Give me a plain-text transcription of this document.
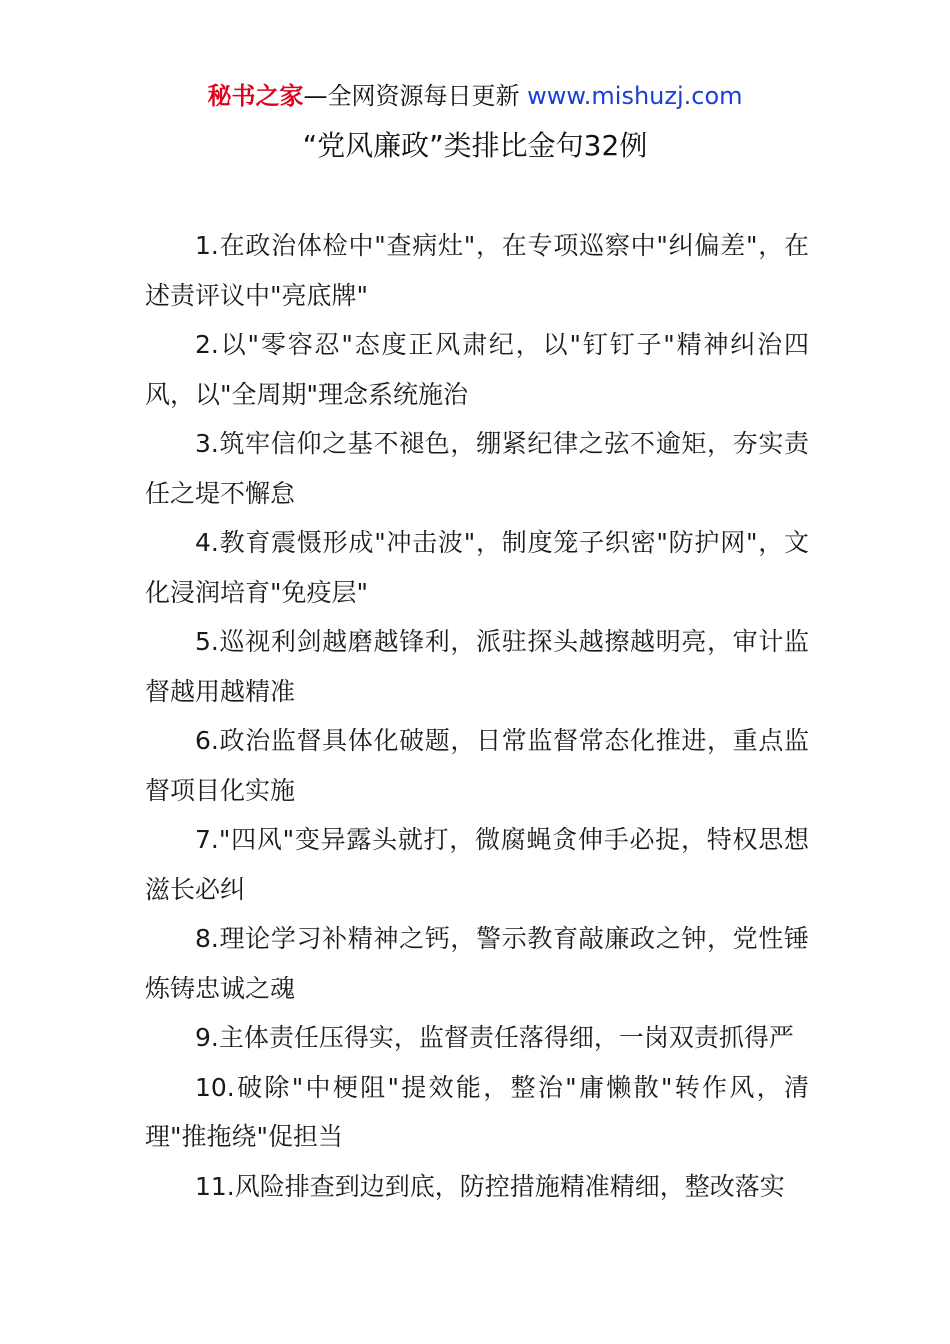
秘书之家—全网资源每日更新 www.mishuzj.com
“党风廉政”类排比金句32例

1.在政治体检中"查病灶"，在专项巡察中"纠偏差"，在述责评议中"亮底牌"

2.以"零容忍"态度正风肃纪，以"钉钉子"精神纠治四风，以"全周期"理念系统施治

3.筑牢信仰之基不褪色，绷紧纪律之弦不逾矩，夯实责任之堤不懈怠

4.教育震慑形成"冲击波"，制度笼子织密"防护网"，文化浸润培育"免疫层"

5.巡视利剑越磨越锋利，派驻探头越擦越明亮，审计监督越用越精准

6.政治监督具体化破题，日常监督常态化推进，重点监督项目化实施

7."四风"变异露头就打，微腐蝇贪伸手必捉，特权思想滋长必纠

8.理论学习补精神之钙，警示教育敲廉政之钟，党性锤炼铸忠诚之魂

9.主体责任压得实，监督责任落得细，一岗双责抓得严

10.破除"中梗阻"提效能，整治"庸懒散"转作风，清理"推拖绕"促担当

11.风险排查到边到底，防控措施精准精细，整改落实
